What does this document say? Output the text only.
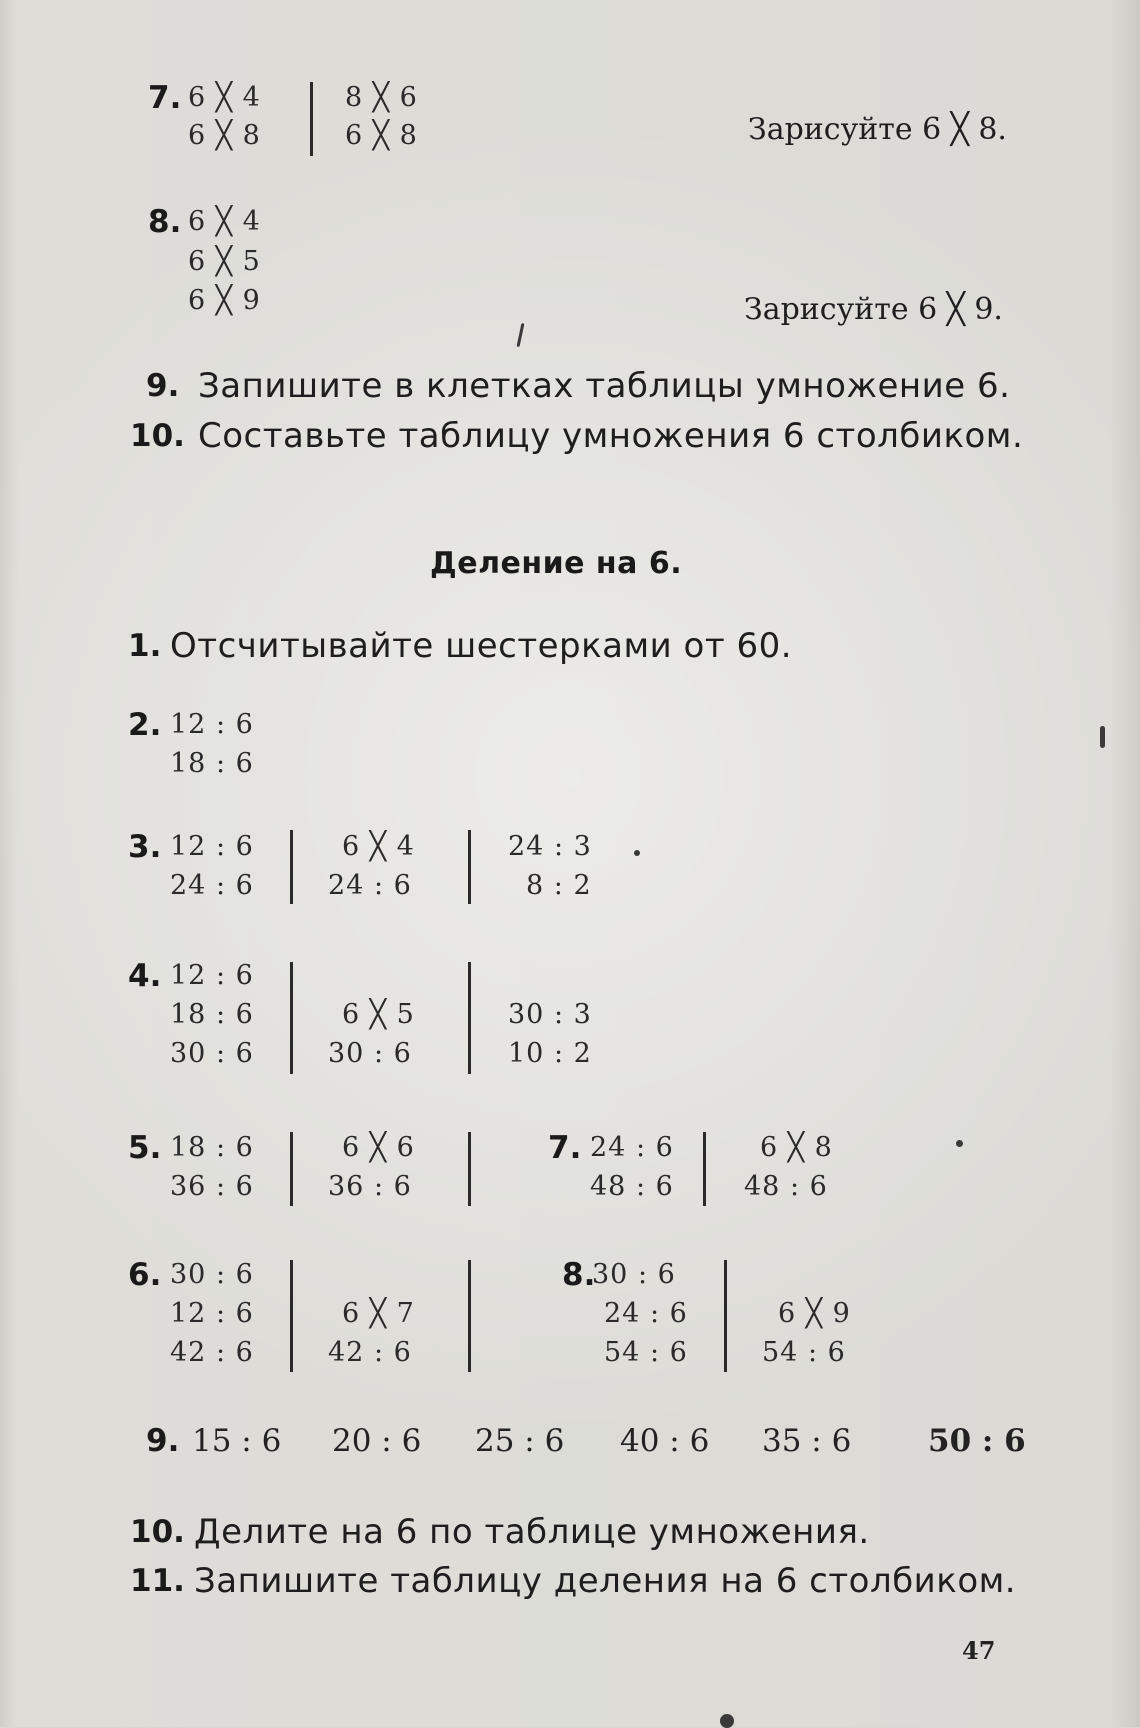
7. 6 ╳ 4
6 ╳ 8
8 ╳ 6
6 ╳ 8	Зарисуйте 6 ╳ 8.
8. 6 ╳ 4
6 ╳ 5
6 ╳ 9	Зарисуйте 6 ╳ 9.
9. Запишите в клетках таблицы умножение 6.
10. Составьте таблицу умножения 6 столбиком.
Деление на 6.
1. Отсчитывайте шестерками от 60.
2. 12 : 6
18 : 6
3. 12 : 6
24 : 6
6 ╳ 4
24 : 6
24 : 3
8 : 2
4. 12 : 6
18 : 6
30 : 6
6 ╳ 5
30 : 6
30 : 3
10 : 2
5. 18 : 6
36 : 6
6 ╳ 6
36 : 6
7. 24 : 6
48 : 6
6 ╳ 8
48 : 6
6. 30 : 6
12 : 6
42 : 6
6 ╳ 7
42 : 6
8.
30 : 6
24 : 6
54 : 6
6 ╳ 9
54 : 6
9. 15 : 6 20 : 6 25 : 6 40 : 6 35 : 6 50 : 6
10. Делите на 6 по таблице умножения.
11. Запишите таблицу деления на 6 столбиком.
47
